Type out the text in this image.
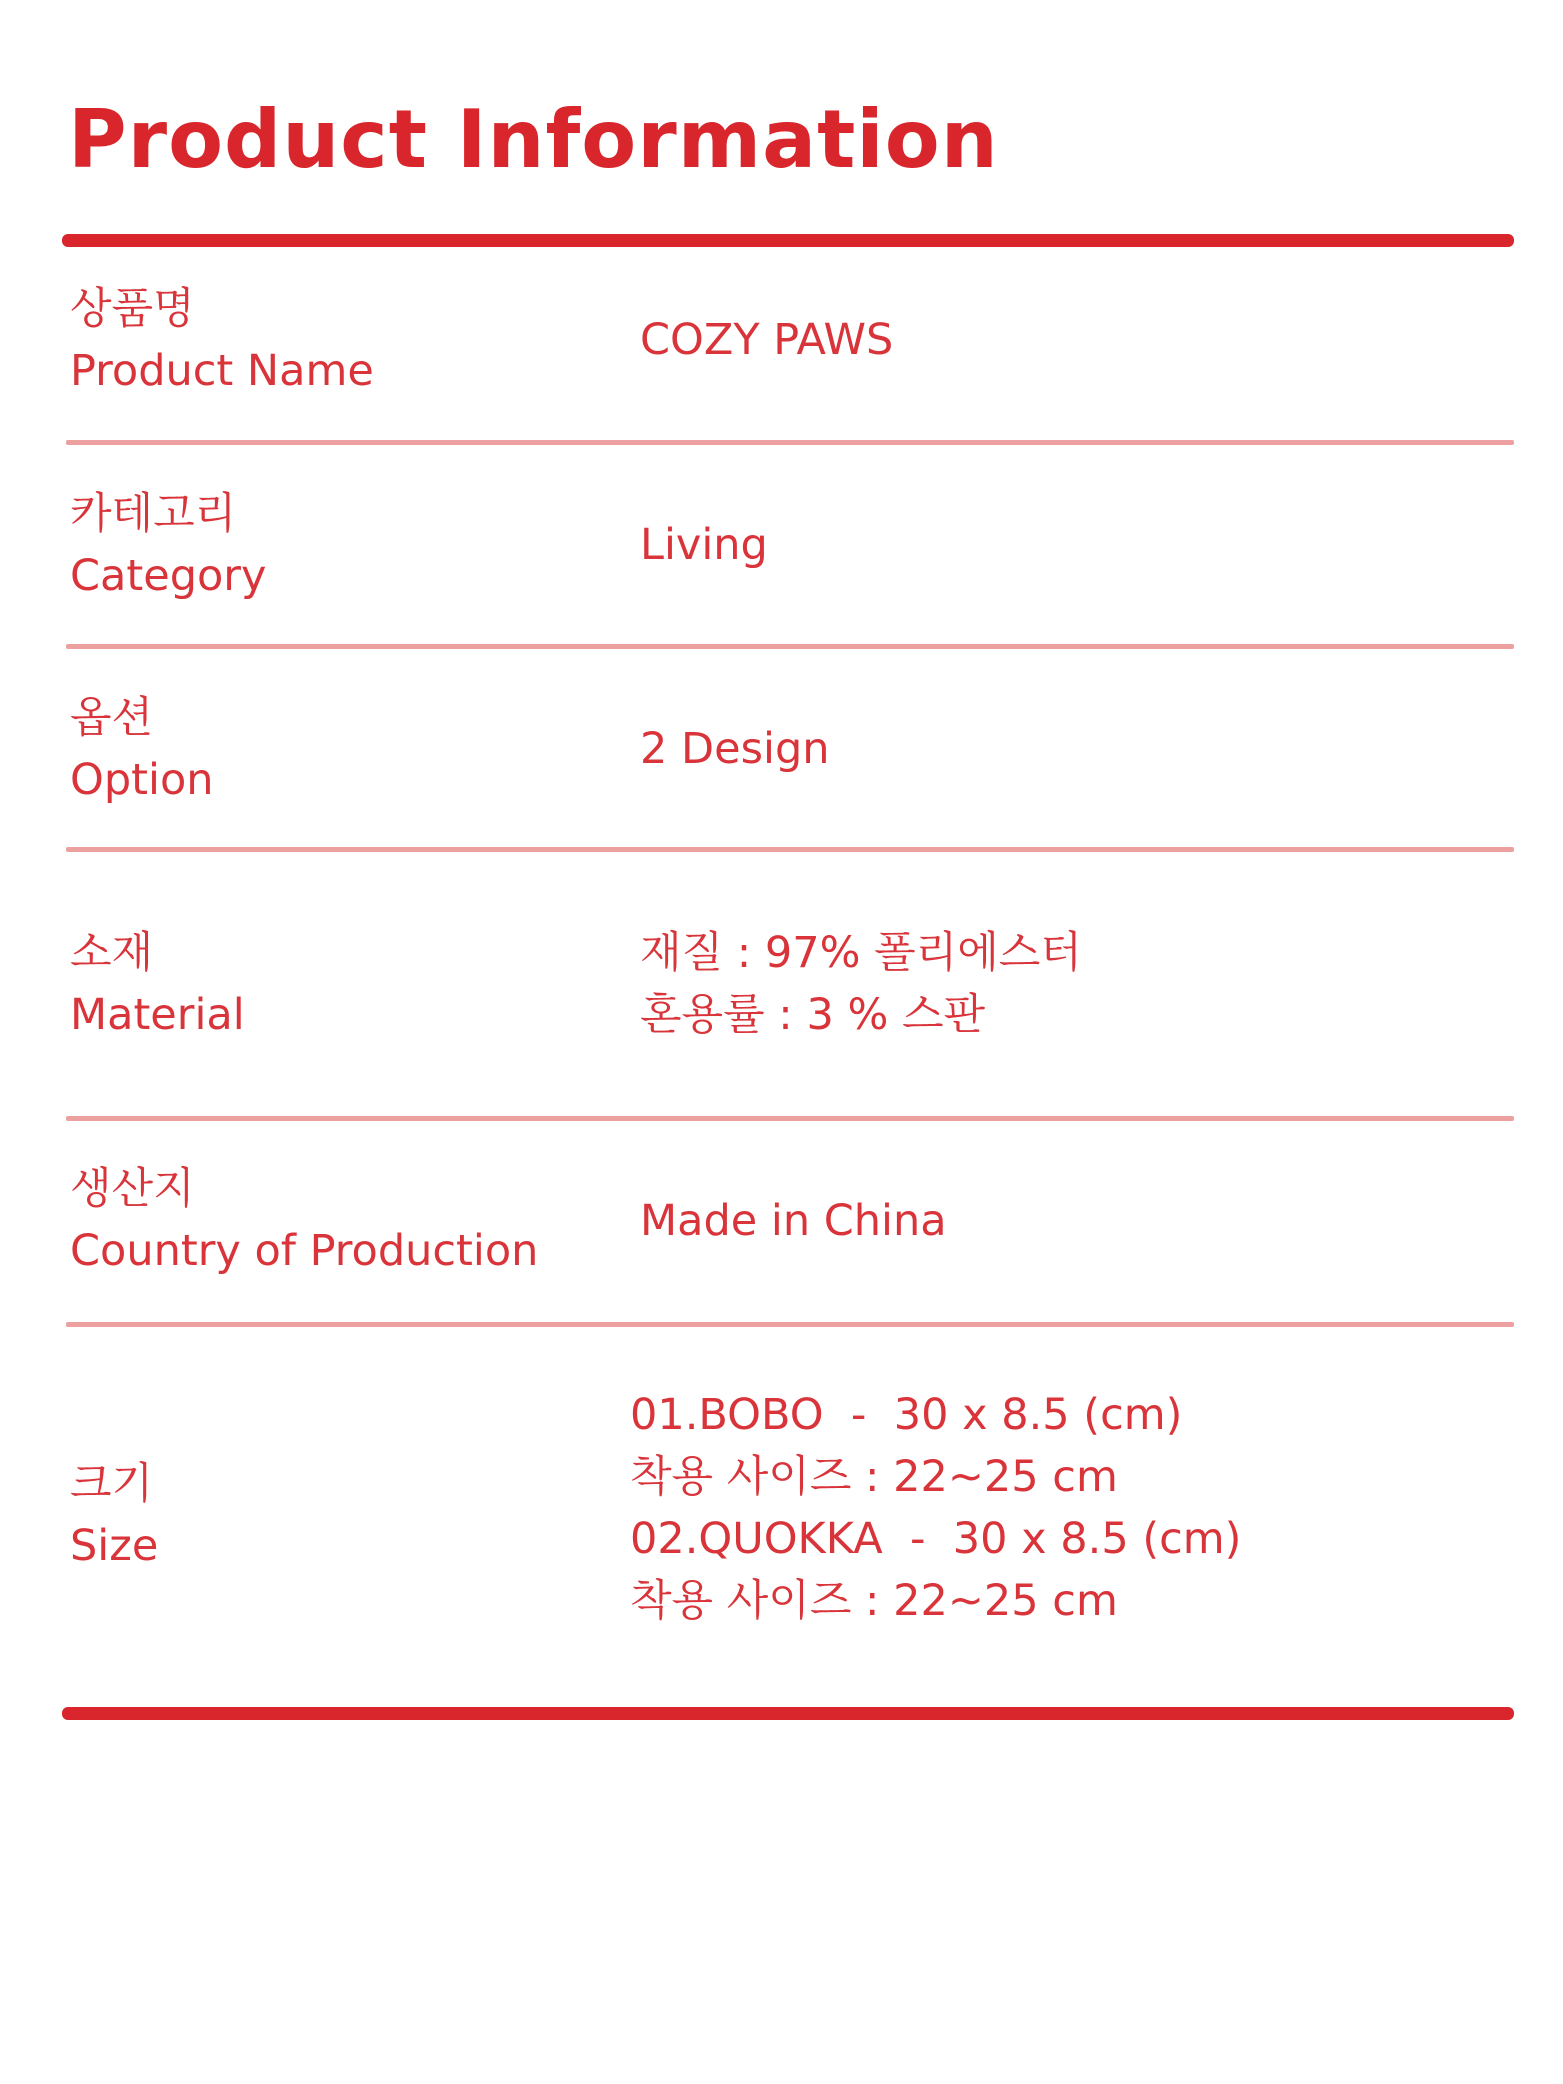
Product Information
상품명
Product Name
COZY PAWS
카테고리
Category
Living
옵션
Option
2 Design
소재
Material
재질 : 97% 폴리에스터
혼용률 : 3 % 스판
생산지
Country of Production
Made in China
크기
Size
01.BOBO  -  30 x 8.5 (cm)
착용 사이즈 : 22~25 cm
02.QUOKKA  -  30 x 8.5 (cm)
착용 사이즈 : 22~25 cm
